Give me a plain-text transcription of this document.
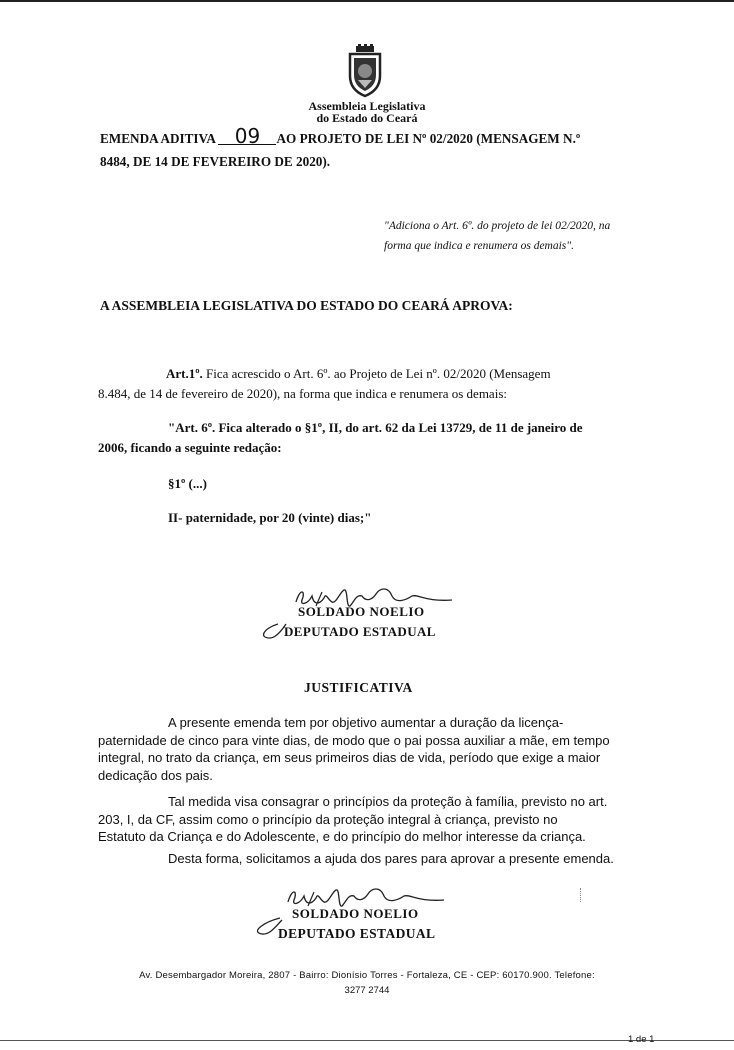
Assembleia Legislativa
do Estado do Ceará
EMENDA ADITIVA 09 AO PROJETO DE LEI Nº 02/2020 (MENSAGEM N.º
8484, DE 14 DE FEVEREIRO DE 2020).
"Adiciona o Art. 6º. do projeto de lei 02/2020, na
forma que indica e renumera os demais".
A ASSEMBLEIA LEGISLATIVA DO ESTADO DO CEARÁ APROVA:
Art.1º. Fica acrescido o Art. 6º. ao Projeto de Lei nº. 02/2020 (Mensagem
8.484, de 14 de fevereiro de 2020), na forma que indica e renumera os demais:
"Art. 6º. Fica alterado o §1º, II, do art. 62 da Lei 13729, de 11 de janeiro de
2006, ficando a seguinte redação:
§1º (...)
II- paternidade, por 20 (vinte) dias;"
SOLDADO NOELIO
DEPUTADO ESTADUAL
JUSTIFICATIVA
A presente emenda tem por objetivo aumentar a duração da licença-
paternidade de cinco para vinte dias, de modo que o pai possa auxiliar a mãe, em tempo
integral, no trato da criança, em seus primeiros dias de vida, período que exige a maior
dedicação dos pais.
Tal medida visa consagrar o princípios da proteção à família, previsto no art.
203, I, da CF, assim como o princípio da proteção integral à criança, previsto no
Estatuto da Criança e do Adolescente, e do princípio do melhor interesse da criança.
Desta forma, solicitamos a ajuda dos pares para aprovar a presente emenda.
SOLDADO NOELIO
DEPUTADO ESTADUAL
Av. Desembargador Moreira, 2807 - Bairro: Dionísio Torres - Fortaleza, CE - CEP: 60170.900. Telefone:
3277 2744
1 de 1
